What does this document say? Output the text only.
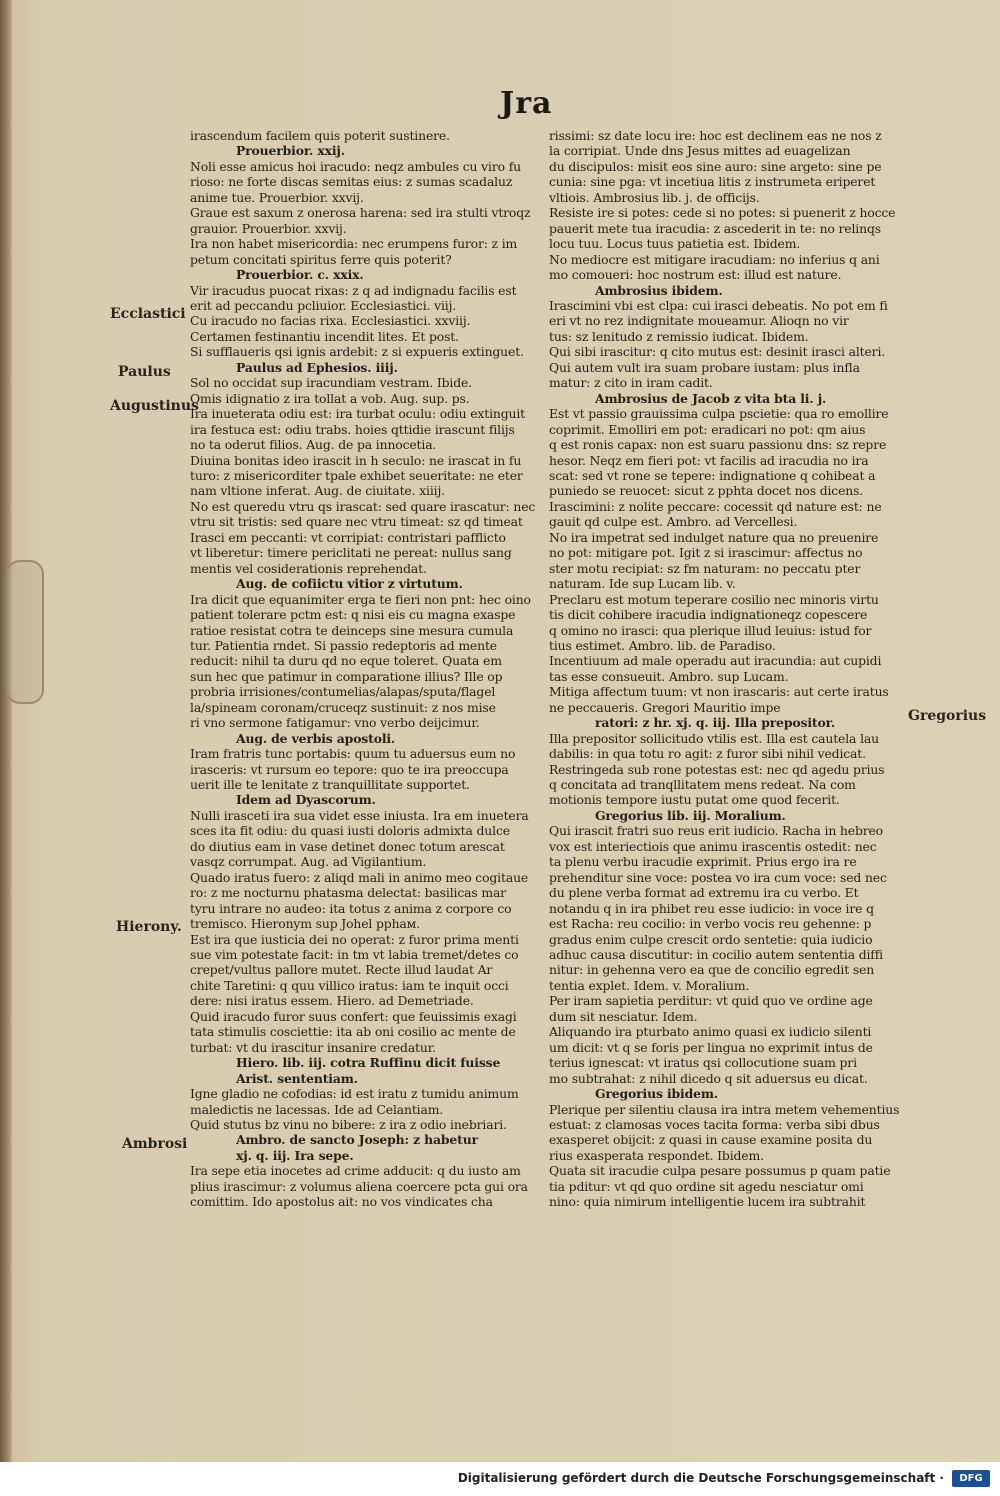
Jra
irascendum facilem quis poterit sustinere.
Prouerbior. xxij.
Noli esse amicus hoi iracudo: neqz ambules cu viro fu
rioso: ne forte discas semitas eius: z sumas scadaluz
anime tue. Prouerbior. xxvij.
Graue est saxum z onerosa harena: sed ira stulti vtroqz
grauior. Prouerbior. xxvij.
Ira non habet misericordia: nec erumpens furor: z im
petum concitati spiritus ferre quis poterit?
Prouerbior. c. xxix.
Vir iracudus puocat rixas: z q ad indignadu facilis est
erit ad peccandu pcliuior. Ecclesiastici. viij.
Cu iracudo no facias rixa. Ecclesiastici. xxviij.
Certamen festinantiu incendit lites. Et post.
Si sufflaueris qsi ignis ardebit: z si expueris extinguet.
Paulus ad Ephesios. iiij.
Sol no occidat sup iracundiam vestram. Ibide.
Omis idignatio z ira tollat a vob. Aug. sup. ps.
Ira inueterata odiu est: ira turbat oculu: odiu extinguit
ira festuca est: odiu trabs. hoies qttidie irascunt filijs
no ta oderut filios. Aug. de pa innocetia.
Diuina bonitas ideo irascit in h seculo: ne irascat in fu
turo: z misericorditer tpale exhibet seueritate: ne eter
nam vltione inferat. Aug. de ciuitate. xiiij.
No est queredu vtru qs irascat: sed quare irascatur: nec
vtru sit tristis: sed quare nec vtru timeat: sz qd timeat
Irasci em peccanti: vt corripiat: contristari pafflicto
vt liberetur: timere periclitati ne pereat: nullus sang
mentis vel cosiderationis reprehendat.
Aug. de cofiictu vitior z virtutum.
Ira dicit que equanimiter erga te fieri non pnt: hec oino
patient tolerare pctm est: q nisi eis cu magna exaspe
ratioe resistat cotra te deinceps sine mesura cumula
tur. Patientia rndet. Si passio redeptoris ad mente
reducit: nihil ta duru qd no eque toleret. Quata em
sun hec que patimur in comparatione illius? Ille op
probria irrisiones/contumelias/alapas/sputa/flagel
la/spineam coronam/cruceqz sustinuit: z nos mise
ri vno sermone fatigamur: vno verbo deijcimur.
Aug. de verbis apostoli.
Iram fratris tunc portabis: quum tu aduersus eum no
irasceris: vt rursum eo tepore: quo te ira preoccupa
uerit ille te lenitate z tranquillitate supportet.
Idem ad Dyascorum.
Nulli irasceti ira sua videt esse iniusta. Ira em inuetera
sces ita fit odiu: du quasi iusti doloris admixta dulce
do diutius eam in vase detinet donec totum arescat
vasqz corrumpat. Aug. ad Vigilantium.
Quado iratus fuero: z aliqd mali in animo meo cogitaue
ro: z me nocturnu phatasma delectat: basilicas mar
tyru intrare no audeo: ita totus z anima z corpore co
tremisco. Hieronym sup Johel pphaм.
Est ira que iusticia dei no operat: z furor prima menti
sue vim potestate facit: in tm vt labia tremet/detes co
crepet/vultus pallore mutet. Recte illud laudat Ar
chite Taretini: q quu villico iratus: iam te inquit occi
dere: nisi iratus essem. Hiero. ad Demetriade.
Quid iracudo furor suus confert: que feuissimis exagi
tata stimulis cosciettie: ita ab oni cosilio ac mente de
turbat: vt du irascitur insanire credatur.
Hiero. lib. iij. cotra Ruffinu dicit fuisse
Arist. sententiam.
Igne gladio ne cofodias: id est iratu z tumidu animum
maledictis ne lacessas. Ide ad Celantiam.
Quid stutus bz vinu no bibere: z ira z odio inebriari.
Ambro. de sancto Joseph: z habetur
xj. q. iij. Ira sepe.
Ira sepe etia inocetes ad crime adducit: q du iusto am
plius irascimur: z volumus aliena coercere pcta gui ora
comittim. Ido apostolus ait: no vos vindicates cha
rissimi: sz date locu ire: hoc est declinem eas ne nos z
la corripiat. Unde dns Jesus mittes ad euagelizan
du discipulos: misit eos sine auro: sine argeto: sine pe
cunia: sine pga: vt incetiua litis z instrumeta eriperet
vltiois. Ambrosius lib. j. de officijs.
Resiste ire si potes: cede si no potes: si puenerit z hocce
pauerit mete tua iracudia: z ascederit in te: no relinqs
locu tuu. Locus tuus patietia est. Ibidem.
No mediocre est mitigare iracudiam: no inferius q ani
mo comoueri: hoc nostrum est: illud est nature.
Ambrosius ibidem.
Irascimini vbi est clpa: cui irasci debeatis. No pot em fi
eri vt no rez indignitate moueamur. Alioqn no vir
tus: sz lenitudo z remissio iudicat. Ibidem.
Qui sibi irascitur: q cito mutus est: desinit irasci alteri.
Qui autem vult ira suam probare iustam: plus infla
matur: z cito in iram cadit.
Ambrosius de Jacob z vita bta li. j.
Est vt passio grauissima culpa pscietie: qua ro emollire
coprimit. Emolliri em pot: eradicari no pot: qm aius
q est ronis capax: non est suaru passionu dns: sz repre
hesor. Neqz em fieri pot: vt facilis ad iracudia no ira
scat: sed vt rone se tepere: indignatione q cohibeat a
puniedo se reuocet: sicut z pphta docet nos dicens.
Irascimini: z nolite peccare: cocessit qd nature est: ne
gauit qd culpe est. Ambro. ad Vercellesi.
No ira impetrat sed indulget nature qua no preuenire
no pot: mitigare pot. Igit z si irascimur: affectus no
ster motu recipiat: sz fm naturam: no peccatu pter
naturam. Ide sup Lucam lib. v.
Preclaru est motum teperare cosilio nec minoris virtu
tis dicit cohibere iracudia indignationeqz copescere
q omino no irasci: qua plerique illud leuius: istud for
tius estimet. Ambro. lib. de Paradiso.
Incentiuum ad male operadu aut iracundia: aut cupidi
tas esse consueuit. Ambro. sup Lucam.
Mitiga affectum tuum: vt non irascaris: aut certe iratus
ne peccaueris. Gregori Mauritio impe
ratori: z hr. xj. q. iij. Illa prepositor.
Illa prepositor sollicitudo vtilis est. Illa est cautela lau
dabilis: in qua totu ro agit: z furor sibi nihil vedicat.
Restringeda sub rone potestas est: nec qd agedu prius
q concitata ad tranqllitatem mens redeat. Na com
motionis tempore iustu putat ome quod fecerit.
Gregorius lib. iij. Moralium.
Qui irascit fratri suo reus erit iudicio. Racha in hebreo
vox est interiectiois que animu irascentis ostedit: nec
ta plenu verbu iracudie exprimit. Prius ergo ira re
prehenditur sine voce: postea vo ira cum voce: sed nec
du plene verba format ad extremu ira cu verbo. Et
notandu q in ira phibet reu esse iudicio: in voce ire q
est Racha: reu cocilio: in verbo vocis reu gehenne: p
gradus enim culpe crescit ordo sentetie: quia iudicio
adhuc causa discutitur: in cocilio autem sententia diffi
nitur: in gehenna vero ea que de concilio egredit sen
tentia explet. Idem. v. Moralium.
Per iram sapietia perditur: vt quid quo ve ordine age
dum sit nesciatur. Idem.
Aliquando ira pturbato animo quasi ex iudicio silenti
um dicit: vt q se foris per lingua no exprimit intus de
terius ignescat: vt iratus qsi collocutione suam pri
mo subtrahat: z nihil dicedo q sit aduersus eu dicat.
Gregorius ibidem.
Plerique per silentiu clausa ira intra metem vehementius
estuat: z clamosas voces tacita forma: verba sibi dbus
exasperet obijcit: z quasi in cause examine posita du
rius exasperata respondet. Ibidem.
Quata sit iracudie culpa pesare possumus p quam patie
tia pditur: vt qd quo ordine sit agedu nesciatur omi
nino: quia nimirum intelligentie lucem ira subtrahit
Ecclastici
Paulus
Augustinus
Hierony.
Ambrosi
Gregorius
Digitalisierung gefördert durch die Deutsche Forschungsgemeinschaft ·	DFG
